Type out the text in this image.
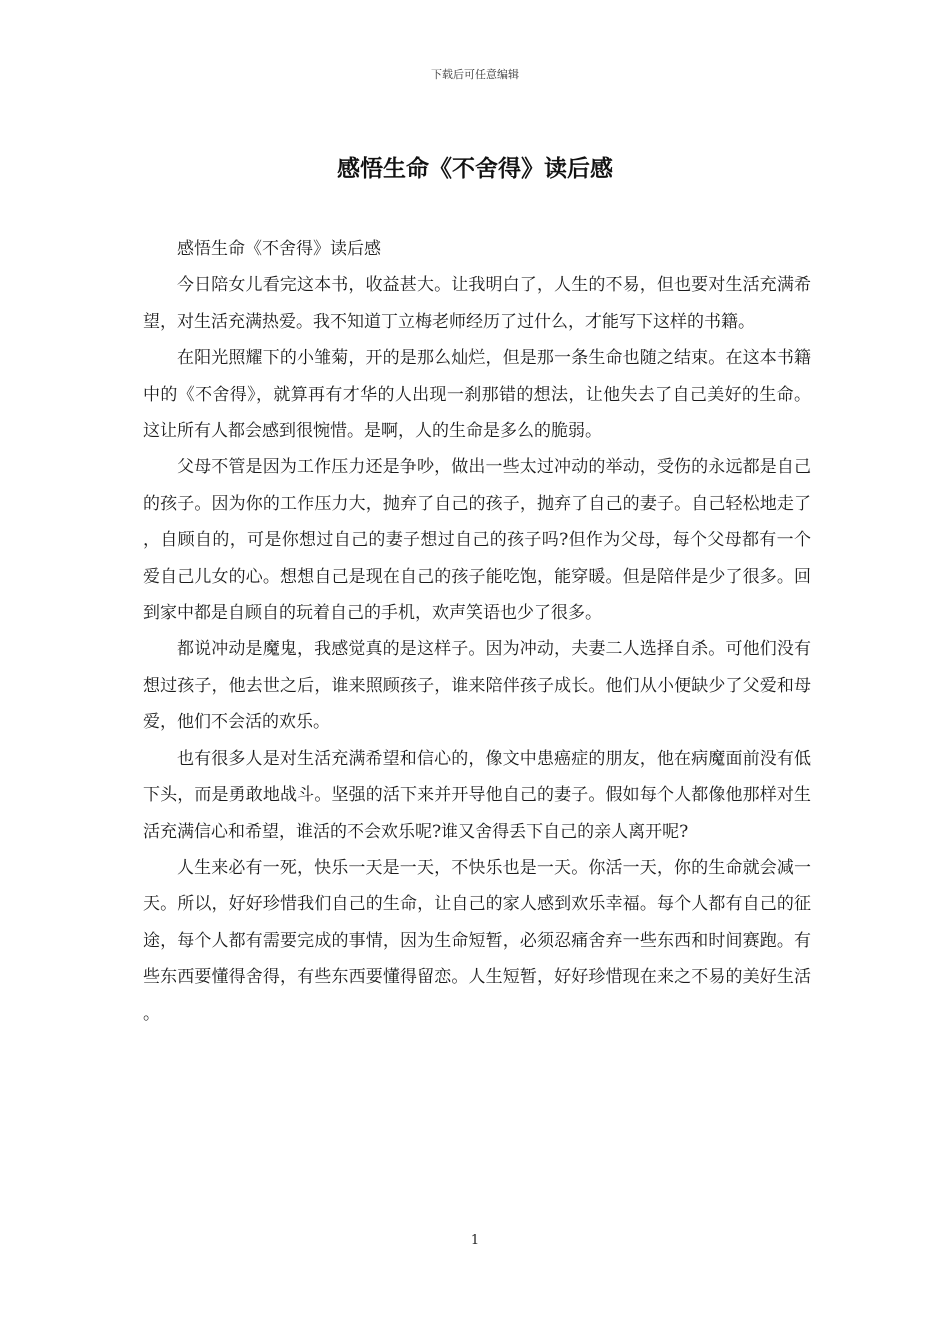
下载后可任意编辑
感悟生命《不舍得》读后感

感悟生命《不舍得》读后感

今日陪女儿看完这本书，收益甚大。让我明白了，人生的不易，但也要对生活充满希望，对生活充满热爱。我不知道丁立梅老师经历了过什么，才能写下这样的书籍。

在阳光照耀下的小雏菊，开的是那么灿烂，但是那一条生命也随之结束。在这本书籍中的《不舍得》，就算再有才华的人出现一刹那错的想法，让他失去了自己美好的生命。这让所有人都会感到很惋惜。是啊，人的生命是多么的脆弱。

父母不管是因为工作压力还是争吵，做出一些太过冲动的举动，受伤的永远都是自己的孩子。因为你的工作压力大，抛弃了自己的孩子，抛弃了自己的妻子。自己轻松地走了，自顾自的，可是你想过自己的妻子想过自己的孩子吗?但作为父母，每个父母都有一个爱自己儿女的心。想想自己是现在自己的孩子能吃饱，能穿暖。但是陪伴是少了很多。回到家中都是自顾自的玩着自己的手机，欢声笑语也少了很多。

都说冲动是魔鬼，我感觉真的是这样子。因为冲动，夫妻二人选择自杀。可他们没有想过孩子，他去世之后，谁来照顾孩子，谁来陪伴孩子成长。他们从小便缺少了父爱和母爱，他们不会活的欢乐。

也有很多人是对生活充满希望和信心的，像文中患癌症的朋友，他在病魔面前没有低下头，而是勇敢地战斗。坚强的活下来并开导他自己的妻子。假如每个人都像他那样对生活充满信心和希望，谁活的不会欢乐呢?谁又舍得丢下自己的亲人离开呢?

人生来必有一死，快乐一天是一天，不快乐也是一天。你活一天，你的生命就会减一天。所以，好好珍惜我们自己的生命，让自己的家人感到欢乐幸福。每个人都有自己的征途，每个人都有需要完成的事情，因为生命短暂，必须忍痛舍弃一些东西和时间赛跑。有些东西要懂得舍得，有些东西要懂得留恋。人生短暂，好好珍惜现在来之不易的美好生活。

1
